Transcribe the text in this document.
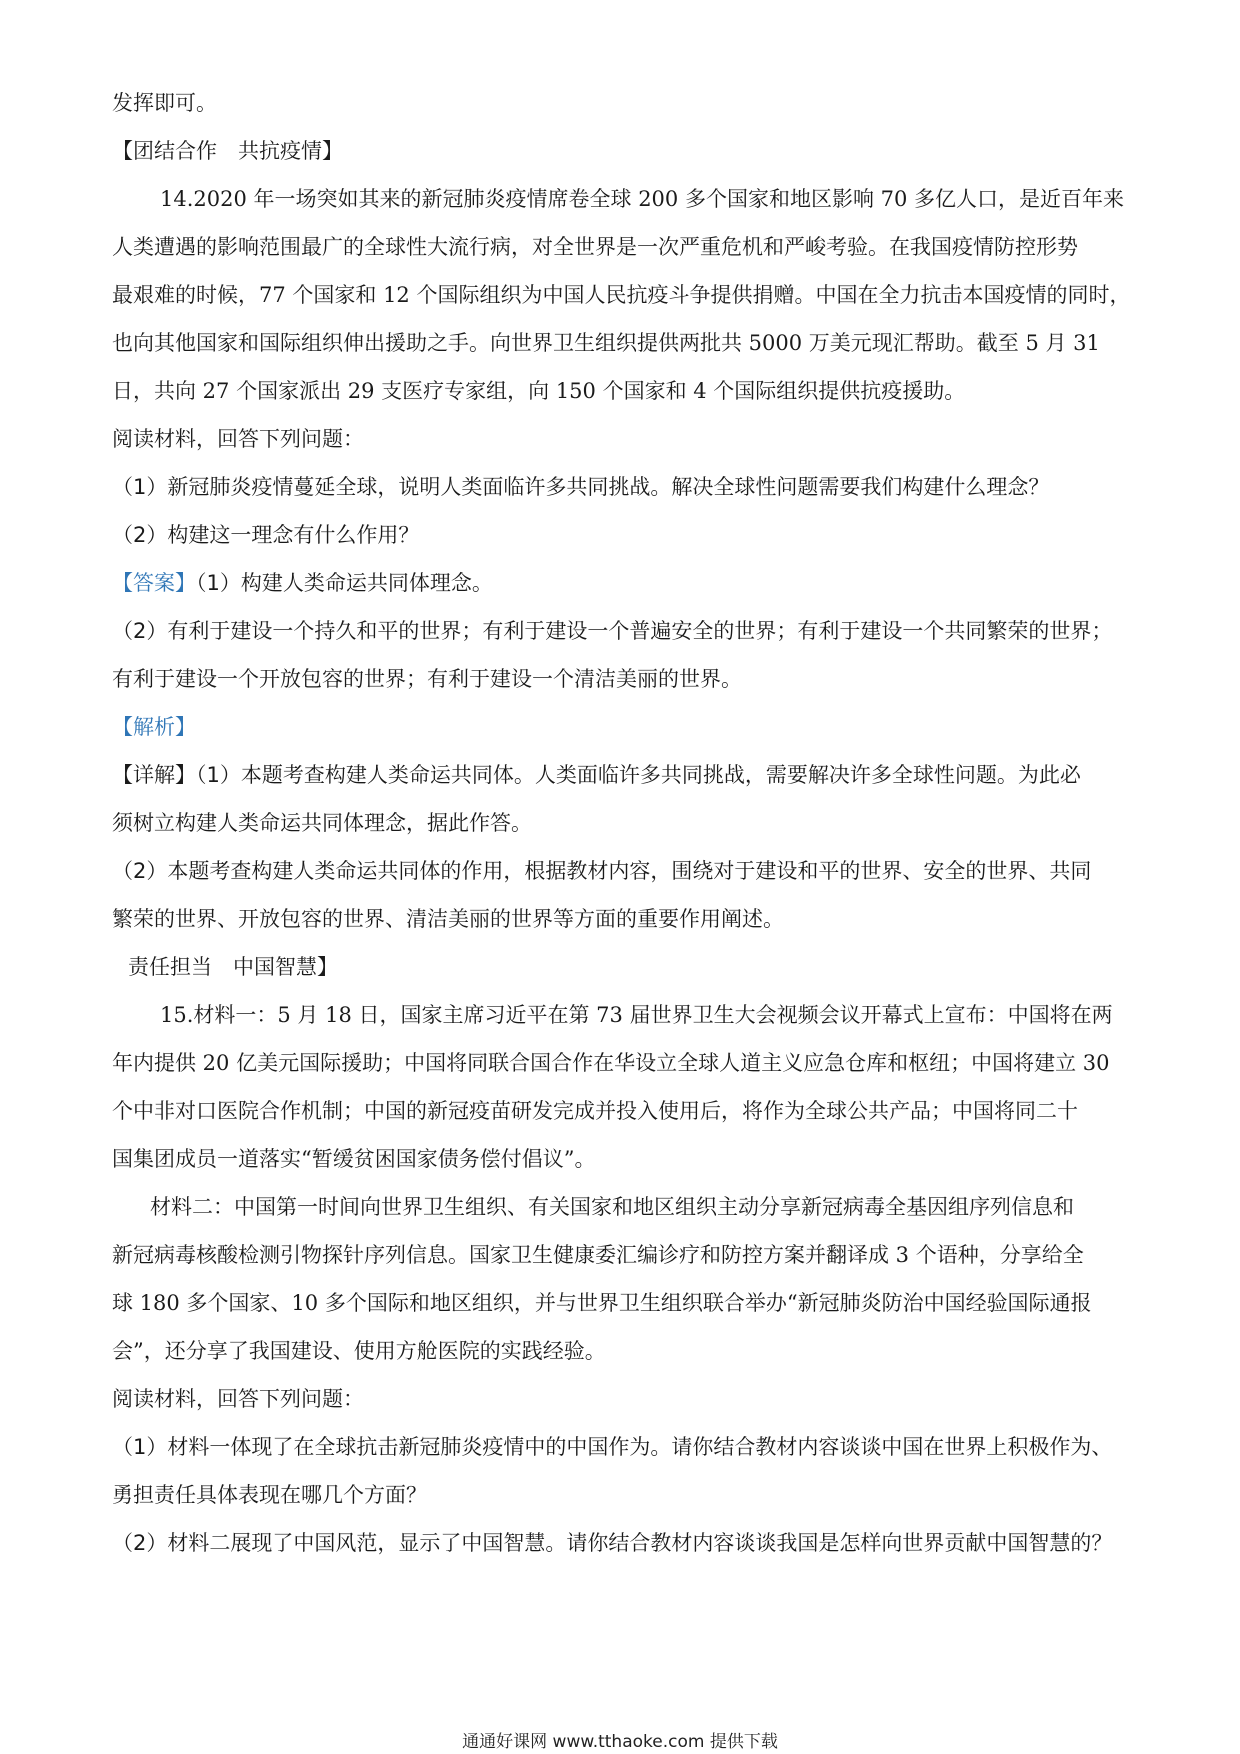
发挥即可。
【团结合作　共抗疫情】
14.2020 年一场突如其来的新冠肺炎疫情席卷全球 200 多个国家和地区影响 70 多亿人口，是近百年来
人类遭遇的影响范围最广的全球性大流行病，对全世界是一次严重危机和严峻考验。在我国疫情防控形势
最艰难的时候，77 个国家和 12 个国际组织为中国人民抗疫斗争提供捐赠。中国在全力抗击本国疫情的同时，
也向其他国家和国际组织伸出援助之手。向世界卫生组织提供两批共 5000 万美元现汇帮助。截至 5 月 31
日，共向 27 个国家派出 29 支医疗专家组，向 150 个国家和 4 个国际组织提供抗疫援助。
阅读材料，回答下列问题：
（1）新冠肺炎疫情蔓延全球，说明人类面临许多共同挑战。解决全球性问题需要我们构建什么理念？
（2）构建这一理念有什么作用？
【答案】（1）构建人类命运共同体理念。
（2）有利于建设一个持久和平的世界；有利于建设一个普遍安全的世界；有利于建设一个共同繁荣的世界；
有利于建设一个开放包容的世界；有利于建设一个清洁美丽的世界。
【解析】
【详解】（1）本题考查构建人类命运共同体。人类面临许多共同挑战，需要解决许多全球性问题。为此必
须树立构建人类命运共同体理念，据此作答。
（2）本题考查构建人类命运共同体的作用，根据教材内容，围绕对于建设和平的世界、安全的世界、共同
繁荣的世界、开放包容的世界、清洁美丽的世界等方面的重要作用阐述。
责任担当　中国智慧】
15.材料一：5 月 18 日，国家主席习近平在第 73 届世界卫生大会视频会议开幕式上宣布：中国将在两
年内提供 20 亿美元国际援助；中国将同联合国合作在华设立全球人道主义应急仓库和枢纽；中国将建立 30
个中非对口医院合作机制；中国的新冠疫苗研发完成并投入使用后，将作为全球公共产品；中国将同二十
国集团成员一道落实“暂缓贫困国家债务偿付倡议”。
材料二：中国第一时间向世界卫生组织、有关国家和地区组织主动分享新冠病毒全基因组序列信息和
新冠病毒核酸检测引物探针序列信息。国家卫生健康委汇编诊疗和防控方案并翻译成 3 个语种，分享给全
球 180 多个国家、10 多个国际和地区组织，并与世界卫生组织联合举办“新冠肺炎防治中国经验国际通报
会”，还分享了我国建设、使用方舱医院的实践经验。
阅读材料，回答下列问题：
（1）材料一体现了在全球抗击新冠肺炎疫情中的中国作为。请你结合教材内容谈谈中国在世界上积极作为、
勇担责任具体表现在哪几个方面？
（2）材料二展现了中国风范，显示了中国智慧。请你结合教材内容谈谈我国是怎样向世界贡献中国智慧的？
通通好课网 www.tthaoke.com 提供下载
